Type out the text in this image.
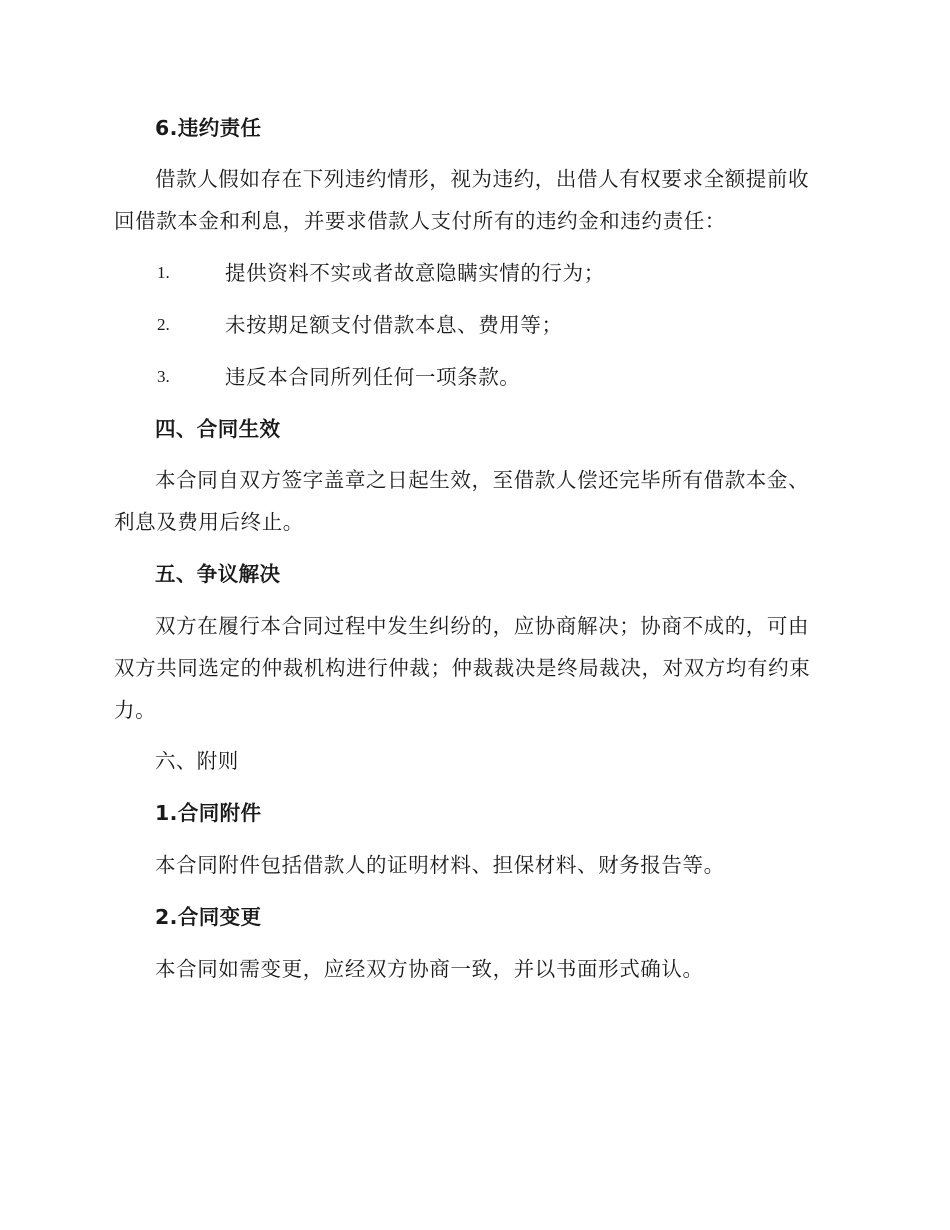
6.违约责任
借款人假如存在下列违约情形，视为违约，出借人有权要求全额提前收
回借款本金和利息，并要求借款人支付所有的违约金和违约责任：
1.	提供资料不实或者故意隐瞒实情的行为；
2.	未按期足额支付借款本息、费用等；
3.	违反本合同所列任何一项条款。
四、合同生效
本合同自双方签字盖章之日起生效，至借款人偿还完毕所有借款本金、
利息及费用后终止。
五、争议解决
双方在履行本合同过程中发生纠纷的，应协商解决；协商不成的，可由
双方共同选定的仲裁机构进行仲裁；仲裁裁决是终局裁决，对双方均有约束
力。
六、附则
1.合同附件
本合同附件包括借款人的证明材料、担保材料、财务报告等。
2.合同变更
本合同如需变更，应经双方协商一致，并以书面形式确认。
